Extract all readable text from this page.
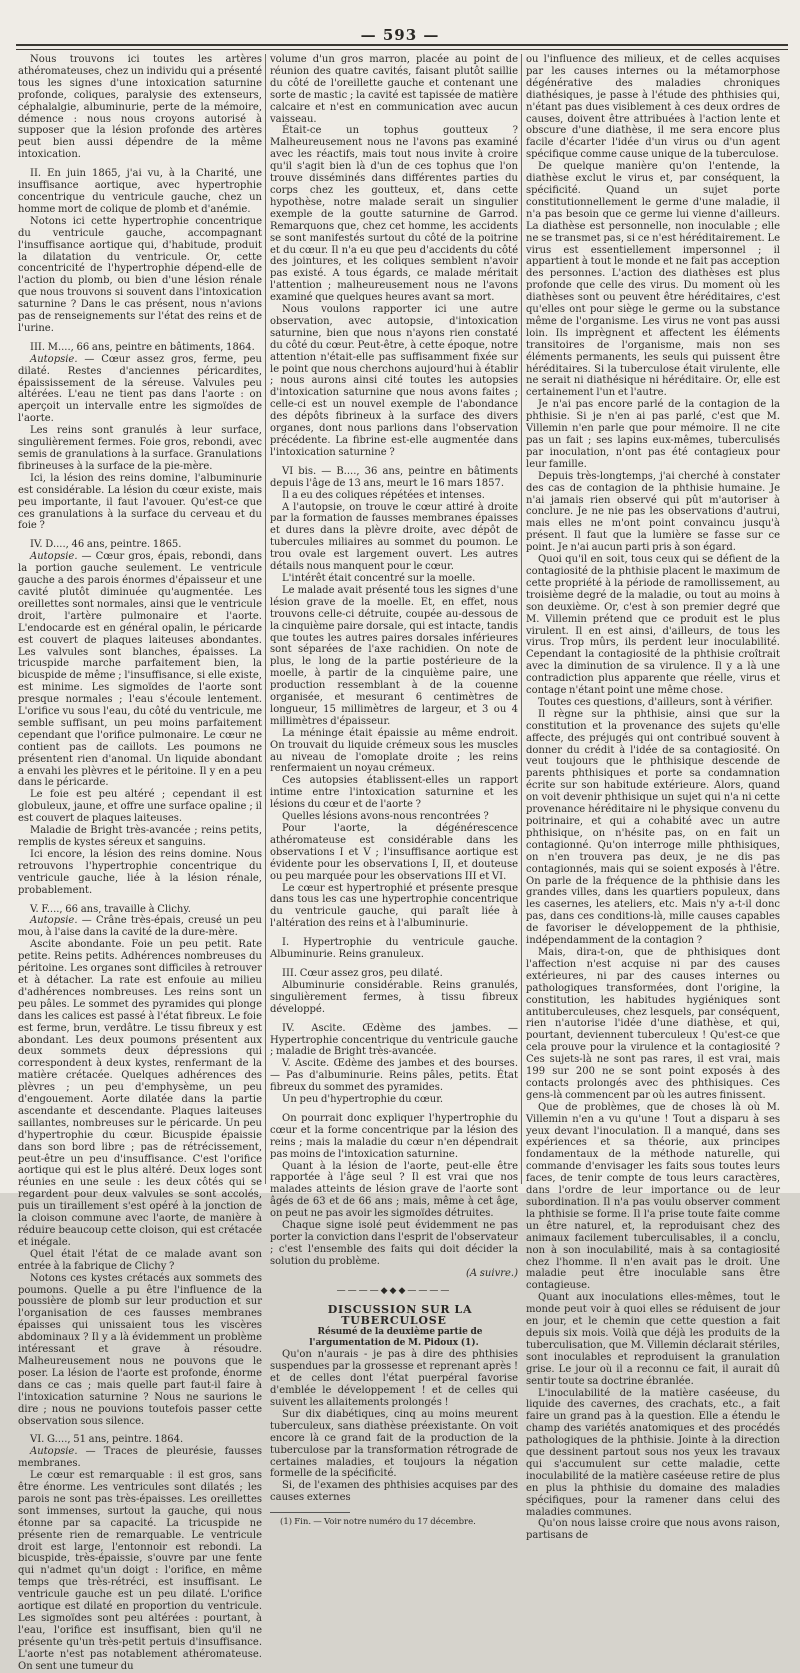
— 593 —

Nous trouvons ici toutes les artères athéromateuses, chez un individu qui a présenté tous les signes d'une intoxication saturnine profonde, coliques, paralysie des extenseurs, céphalalgie, albuminurie, perte de la mémoire, démence : nous nous croyons autorisé à supposer que la lésion profonde des artères peut bien aussi dépendre de la même intoxication.

II. En juin 1865, j'ai vu, à la Charité, une insuffisance aortique, avec hypertrophie concentrique du ventricule gauche, chez un homme mort de colique de plomb et d'anémie.

Notons ici cette hypertrophie concentrique du ventricule gauche, accompagnant l'insuffisance aortique qui, d'habitude, produit la dilatation du ventricule. Or, cette concentricité de l'hypertrophie dépend-elle de l'action du plomb, ou bien d'une lésion rénale que nous trouvons si souvent dans l'intoxication saturnine ? Dans le cas présent, nous n'avions pas de renseignements sur l'état des reins et de l'urine.

III. M...., 66 ans, peintre en bâtiments, 1864.

Autopsie. — Cœur assez gros, ferme, peu dilaté. Restes d'anciennes péricardites, épaississement de la séreuse. Valvules peu altérées. L'eau ne tient pas dans l'aorte : on aperçoit un intervalle entre les sigmoïdes de l'aorte.

Les reins sont granulés à leur surface, singulièrement fermes. Foie gros, rebondi, avec semis de granulations à la surface. Granulations fibrineuses à la surface de la pie-mère.

Ici, la lésion des reins domine, l'albuminurie est considérable. La lésion du cœur existe, mais peu importante, il faut l'avouer. Qu'est-ce que ces granulations à la surface du cerveau et du foie ?

IV. D...., 46 ans, peintre. 1865.

Autopsie. — Cœur gros, épais, rebondi, dans la portion gauche seulement. Le ventricule gauche a des parois énormes d'épaisseur et une cavité plutôt diminuée qu'augmentée. Les oreillettes sont normales, ainsi que le ventricule droit, l'artère pulmonaire et l'aorte. L'endocarde est en général opalin, le péricarde est couvert de plaques laiteuses abondantes. Les valvules sont blanches, épaisses. La tricuspide marche parfaitement bien, la bicuspide de même ; l'insuffisance, si elle existe, est minime. Les sigmoïdes de l'aorte sont presque normales ; l'eau s'écoule lentement. L'orifice vu sous l'eau, du côté du ventricule, me semble suffisant, un peu moins parfaitement cependant que l'orifice pulmonaire. Le cœur ne contient pas de caillots. Les poumons ne présentent rien d'anomal. Un liquide abondant a envahi les plèvres et le péritoine. Il y en a peu dans le péricarde.

Le foie est peu altéré ; cependant il est globuleux, jaune, et offre une surface opaline ; il est couvert de plaques laiteuses.

Maladie de Bright très-avancée ; reins petits, remplis de kystes séreux et sanguins.

Ici encore, la lésion des reins domine. Nous retrouvons l'hypertrophie concentrique du ventricule gauche, liée à la lésion rénale, probablement.

V. F...., 66 ans, travaille à Clichy.

Autopsie. — Crâne très-épais, creusé un peu mou, à l'aise dans la cavité de la dure-mère.

Ascite abondante. Foie un peu petit. Rate petite. Reins petits. Adhérences nombreuses du péritoine. Les organes sont difficiles à retrouver et à détacher. La rate est enfouie au milieu d'adhérences nombreuses. Les reins sont un peu pâles. Le sommet des pyramides qui plonge dans les calices est passé à l'état fibreux. Le foie est ferme, brun, verdâtre. Le tissu fibreux y est abondant. Les deux poumons présentent aux deux sommets deux dépressions qui correspondent à deux kystes, renfermant de la matière crétacée. Quelques adhérences des plèvres ; un peu d'emphysème, un peu d'engouement. Aorte dilatée dans la partie ascendante et descendante. Plaques laiteuses saillantes, nombreuses sur le péricarde. Un peu d'hypertrophie du cœur. Bicuspide épaissie dans son bord libre ; pas de rétrécissement, peut-être un peu d'insuffisance. C'est l'orifice aortique qui est le plus altéré. Deux loges sont réunies en une seule : les deux côtés qui se regardent pour deux valvules se sont accolés, puis un tiraillement s'est opéré à la jonction de la cloison commune avec l'aorte, de manière à réduire beaucoup cette cloison, qui est crétacée et inégale.

Quel était l'état de ce malade avant son entrée à la fabrique de Clichy ?

Notons ces kystes crétacés aux sommets des poumons. Quelle a pu être l'influence de la poussière de plomb sur leur production et sur l'organisation de ces fausses membranes épaisses qui unissaient tous les viscères abdominaux ? Il y a là évidemment un problème intéressant et grave à résoudre. Malheureusement nous ne pouvons que le poser. La lésion de l'aorte est profonde, énorme dans ce cas ; mais quelle part faut-il faire à l'intoxication saturnine ? Nous ne saurions le dire ; nous ne pouvions toutefois passer cette observation sous silence.

VI. G...., 51 ans, peintre. 1864.

Autopsie. — Traces de pleurésie, fausses membranes.

Le cœur est remarquable : il est gros, sans être énorme. Les ventricules sont dilatés ; les parois ne sont pas très-épaisses. Les oreillettes sont immenses, surtout la gauche, qui nous étonne par sa capacité. La tricuspide ne présente rien de remarquable. Le ventricule droit est large, l'entonnoir est rebondi. La bicuspide, très-épaissie, s'ouvre par une fente qui n'admet qu'un doigt : l'orifice, en même temps que très-rétréci, est insuffisant. Le ventricule gauche est un peu dilaté. L'orifice aortique est dilaté en proportion du ventricule. Les sigmoïdes sont peu altérées : pourtant, à l'eau, l'orifice est insuffisant, bien qu'il ne présente qu'un très-petit pertuis d'insuffisance. L'aorte n'est pas notablement athéromateuse. On sent une tumeur du

volume d'un gros marron, placée au point de réunion des quatre cavités, faisant plutôt saillie du côté de l'oreillette gauche et contenant une sorte de mastic ; la cavité est tapissée de matière calcaire et n'est en communication avec aucun vaisseau.

Était-ce un tophus goutteux ? Malheureusement nous ne l'avons pas examiné avec les réactifs, mais tout nous invite à croire qu'il s'agit bien là d'un de ces tophus que l'on trouve disséminés dans différentes parties du corps chez les goutteux, et, dans cette hypothèse, notre malade serait un singulier exemple de la goutte saturnine de Garrod. Remarquons que, chez cet homme, les accidents se sont manifestés surtout du côté de la poitrine et du cœur. Il n'a eu que peu d'accidents du côté des jointures, et les coliques semblent n'avoir pas existé. A tous égards, ce malade méritait l'attention ; malheureusement nous ne l'avons examiné que quelques heures avant sa mort.

Nous voulons rapporter ici une autre observation, avec autopsie, d'intoxication saturnine, bien que nous n'ayons rien constaté du côté du cœur. Peut-être, à cette époque, notre attention n'était-elle pas suffisamment fixée sur le point que nous cherchons aujourd'hui à établir ; nous aurons ainsi cité toutes les autopsies d'intoxication saturnine que nous avons faites ; celle-ci est un nouvel exemple de l'abondance des dépôts fibrineux à la surface des divers organes, dont nous parlions dans l'observation précédente. La fibrine est-elle augmentée dans l'intoxication saturnine ?

VI bis. — B...., 36 ans, peintre en bâtiments depuis l'âge de 13 ans, meurt le 16 mars 1857.

Il a eu des coliques répétées et intenses.

A l'autopsie, on trouve le cœur attiré à droite par la formation de fausses membranes épaisses et dures dans la plèvre droite, avec dépôt de tubercules miliaires au sommet du poumon. Le trou ovale est largement ouvert. Les autres détails nous manquent pour le cœur.

L'intérêt était concentré sur la moelle.

Le malade avait présenté tous les signes d'une lésion grave de la moelle. Et, en effet, nous trouvons celle-ci détruite, coupée au-dessous de la cinquième paire dorsale, qui est intacte, tandis que toutes les autres paires dorsales inférieures sont séparées de l'axe rachidien. On note de plus, le long de la partie postérieure de la moelle, à partir de la cinquième paire, une production ressemblant à de la couenne organisée, et mesurant 6 centimètres de longueur, 15 millimètres de largeur, et 3 ou 4 millimètres d'épaisseur.

La méninge était épaissie au même endroit. On trouvait du liquide crémeux sous les muscles au niveau de l'omoplate droite ; les reins renfermaient un noyau crémeux.

Ces autopsies établissent-elles un rapport intime entre l'intoxication saturnine et les lésions du cœur et de l'aorte ?

Quelles lésions avons-nous rencontrées ?

Pour l'aorte, la dégénérescence athéromateuse est considérable dans les observations I et V ; l'insuffisance aortique est évidente pour les observations I, II, et douteuse ou peu marquée pour les observations III et VI.

Le cœur est hypertrophié et présente presque dans tous les cas une hypertrophie concentrique du ventricule gauche, qui paraît liée à l'altération des reins et à l'albuminurie.

I. Hypertrophie du ventricule gauche. Albuminurie. Reins granuleux.

III. Cœur assez gros, peu dilaté.

Albuminurie considérable. Reins granulés, singulièrement fermes, à tissu fibreux développé.

IV. Ascite. Œdème des jambes. — Hypertrophie concentrique du ventricule gauche ; maladie de Bright très-avancée.

V. Ascite. Œdème des jambes et des bourses. — Pas d'albuminurie. Reins pâles, petits. État fibreux du sommet des pyramides.

Un peu d'hypertrophie du cœur.

On pourrait donc expliquer l'hypertrophie du cœur et la forme concentrique par la lésion des reins ; mais la maladie du cœur n'en dépendrait pas moins de l'intoxication saturnine.

Quant à la lésion de l'aorte, peut-elle être rapportée à l'âge seul ? Il est vrai que nos malades atteints de lésion grave de l'aorte sont âgés de 63 et de 66 ans ; mais, même à cet âge, on peut ne pas avoir les sigmoïdes détruites.

Chaque signe isolé peut évidemment ne pas porter la conviction dans l'esprit de l'observateur ; c'est l'ensemble des faits qui doit décider la solution du problème.

(A suivre.)

————◆◆◆————

DISCUSSION SUR LA TUBERCULOSE

Résumé de la deuxième partie de l'argumentation de M. Pidoux (1).

Qu'on n'aurais - je pas à dire des phthisies suspendues par la grossesse et reprenant après ! et de celles dont l'état puerpéral favorise d'emblée le développement ! et de celles qui suivent les allaitements prolongés !

Sur dix diabétiques, cinq au moins meurent tuberculeux, sans diathèse préexistante. On voit encore là ce grand fait de la production de la tuberculose par la transformation rétrograde de certaines maladies, et toujours la négation formelle de la spécificité.

Si, de l'examen des phthisies acquises par des causes externes

(1) Fin. — Voir notre numéro du 17 décembre.

ou l'influence des milieux, et de celles acquises par les causes internes ou la métamorphose dégénérative des maladies chroniques diathésiques, je passe à l'étude des phthisies qui, n'étant pas dues visiblement à ces deux ordres de causes, doivent être attribuées à l'action lente et obscure d'une diathèse, il me sera encore plus facile d'écarter l'idée d'un virus ou d'un agent spécifique comme cause unique de la tuberculose.

De quelque manière qu'on l'entende, la diathèse exclut le virus et, par conséquent, la spécificité. Quand un sujet porte constitutionnellement le germe d'une maladie, il n'a pas besoin que ce germe lui vienne d'ailleurs. La diathèse est personnelle, non inoculable ; elle ne se transmet pas, si ce n'est héréditairement. Le virus est essentiellement impersonnel ; il appartient à tout le monde et ne fait pas acception des personnes. L'action des diathèses est plus profonde que celle des virus. Du moment où les diathèses sont ou peuvent être héréditaires, c'est qu'elles ont pour siège le germe ou la substance même de l'organisme. Les virus ne vont pas aussi loin. Ils imprègnent et affectent les éléments transitoires de l'organisme, mais non ses éléments permanents, les seuls qui puissent être héréditaires. Si la tuberculose était virulente, elle ne serait ni diathésique ni héréditaire. Or, elle est certainement l'un et l'autre.

Je n'ai pas encore parlé de la contagion de la phthisie. Si je n'en ai pas parlé, c'est que M. Villemin n'en parle que pour mémoire. Il ne cite pas un fait ; ses lapins eux-mêmes, tuberculisés par inoculation, n'ont pas été contagieux pour leur famille.

Depuis très-longtemps, j'ai cherché à constater des cas de contagion de la phthisie humaine. Je n'ai jamais rien observé qui pût m'autoriser à conclure. Je ne nie pas les observations d'autrui, mais elles ne m'ont point convaincu jusqu'à présent. Il faut que la lumière se fasse sur ce point. Je n'ai aucun parti pris à son égard.

Quoi qu'il en soit, tous ceux qui se défient de la contagiosité de la phthisie placent le maximum de cette propriété à la période de ramollissement, au troisième degré de la maladie, ou tout au moins à son deuxième. Or, c'est à son premier degré que M. Villemin prétend que ce produit est le plus virulent. Il en est ainsi, d'ailleurs, de tous les virus. Trop mûrs, ils perdent leur inoculabilité. Cependant la contagiosité de la phthisie croîtrait avec la diminution de sa virulence. Il y a là une contradiction plus apparente que réelle, virus et contage n'étant point une même chose.

Toutes ces questions, d'ailleurs, sont à vérifier.

Il règne sur la phthisie, ainsi que sur la constitution et la provenance des sujets qu'elle affecte, des préjugés qui ont contribué souvent à donner du crédit à l'idée de sa contagiosité. On veut toujours que le phthisique descende de parents phthisiques et porte sa condamnation écrite sur son habitude extérieure. Alors, quand on voit devenir phthisique un sujet qui n'a ni cette provenance héréditaire ni le physique convenu du poitrinaire, et qui a cohabité avec un autre phthisique, on n'hésite pas, on en fait un contagionné. Qu'on interroge mille phthisiques, on n'en trouvera pas deux, je ne dis pas contagionnés, mais qui se soient exposés à l'être. On parle de la fréquence de la phthisie dans les grandes villes, dans les quartiers populeux, dans les casernes, les ateliers, etc. Mais n'y a-t-il donc pas, dans ces conditions-là, mille causes capables de favoriser le développement de la phthisie, indépendamment de la contagion ?

Mais, dira-t-on, que de phthisiques dont l'affection n'est acquise ni par des causes extérieures, ni par des causes internes ou pathologiques transformées, dont l'origine, la constitution, les habitudes hygiéniques sont antituberculeuses, chez lesquels, par conséquent, rien n'autorise l'idée d'une diathèse, et qui, pourtant, deviennent tuberculeux ! Qu'est-ce que cela prouve pour la virulence et la contagiosité ? Ces sujets-là ne sont pas rares, il est vrai, mais 199 sur 200 ne se sont point exposés à des contacts prolongés avec des phthisiques. Ces gens-là commencent par où les autres finissent.

Que de problèmes, que de choses là où M. Villemin n'en a vu qu'une ! Tout a disparu à ses yeux devant l'inoculation. Il a manqué, dans ses expériences et sa théorie, aux principes fondamentaux de la méthode naturelle, qui commande d'envisager les faits sous toutes leurs faces, de tenir compte de tous leurs caractères, dans l'ordre de leur importance ou de leur subordination. Il n'a pas voulu observer comment la phthisie se forme. Il l'a prise toute faite comme un être naturel, et, la reproduisant chez des animaux facilement tuberculisables, il a conclu, non à son inoculabilité, mais à sa contagiosité chez l'homme. Il n'en avait pas le droit. Une maladie peut être inoculable sans être contagieuse.

Quant aux inoculations elles-mêmes, tout le monde peut voir à quoi elles se réduisent de jour en jour, et le chemin que cette question a fait depuis six mois. Voilà que déjà les produits de la tuberculisation, que M. Villemin déclarait stériles, sont inoculables et reproduisent la granulation grise. Le jour où il a reconnu ce fait, il aurait dû sentir toute sa doctrine ébranlée.

L'inoculabilité de la matière caséeuse, du liquide des cavernes, des crachats, etc., a fait faire un grand pas à la question. Elle a étendu le champ des variétés anatomiques et des procédés pathologiques de la phthisie. Jointe à la direction que dessinent partout sous nos yeux les travaux qui s'accumulent sur cette maladie, cette inoculabilité de la matière caséeuse retire de plus en plus la phthisie du domaine des maladies spécifiques, pour la ramener dans celui des maladies communes.

Qu'on nous laisse croire que nous avons raison, partisans de
